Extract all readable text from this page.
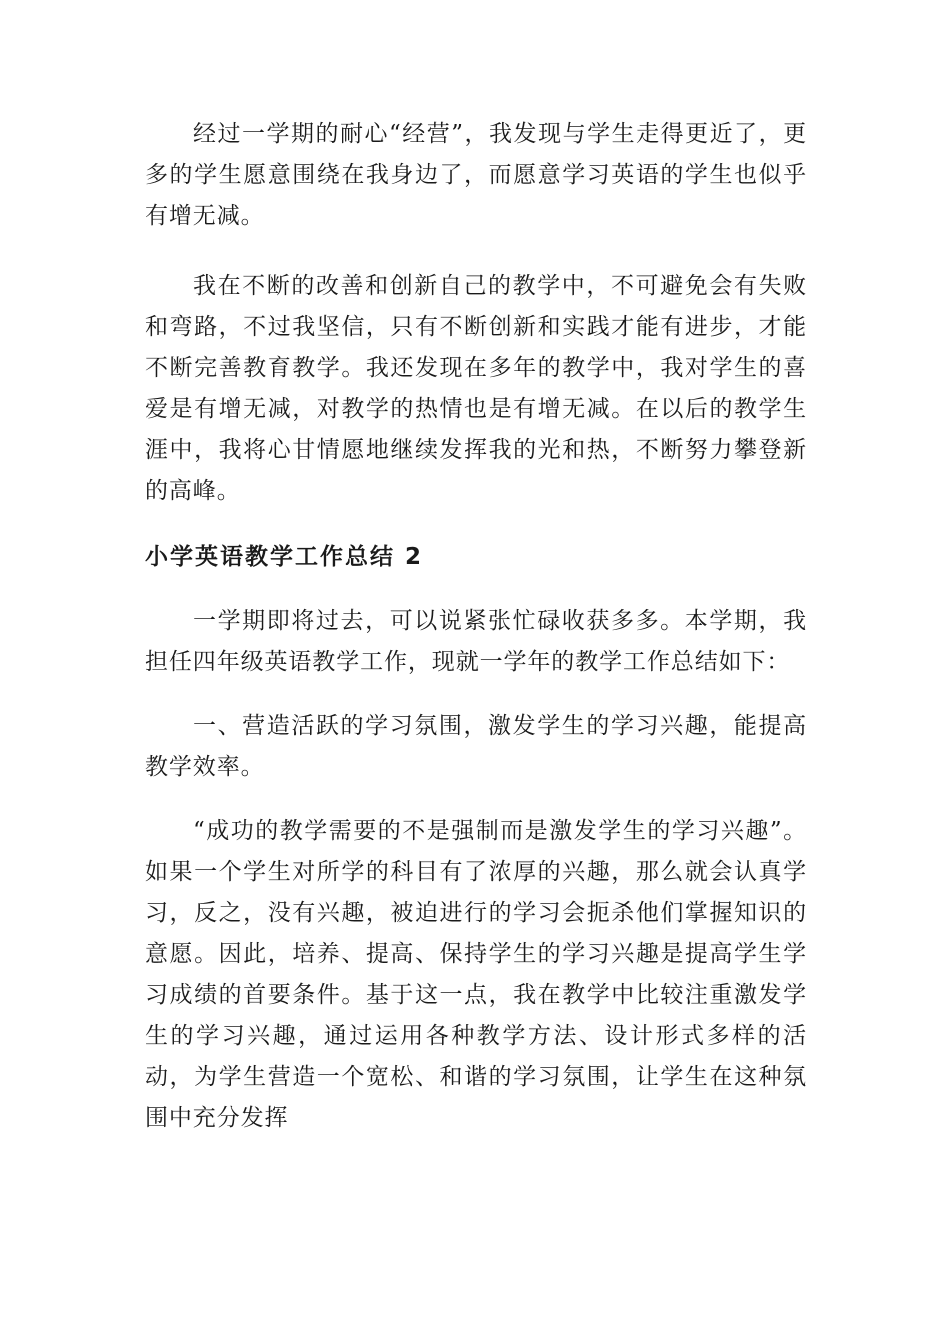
经过一学期的耐心“经营”，我发现与学生走得更近了，更多的学生愿意围绕在我身边了，而愿意学习英语的学生也似乎有增无减。

我在不断的改善和创新自己的教学中，不可避免会有失败和弯路，不过我坚信，只有不断创新和实践才能有进步，才能不断完善教育教学。我还发现在多年的教学中，我对学生的喜爱是有增无减，对教学的热情也是有增无减。在以后的教学生涯中，我将心甘情愿地继续发挥我的光和热，不断努力攀登新的高峰。

小学英语教学工作总结 2

一学期即将过去，可以说紧张忙碌收获多多。本学期，我担任四年级英语教学工作，现就一学年的教学工作总结如下：

一、营造活跃的学习氛围，激发学生的学习兴趣，能提高教学效率。

“成功的教学需要的不是强制而是激发学生的学习兴趣”。如果一个学生对所学的科目有了浓厚的兴趣，那么就会认真学习，反之，没有兴趣，被迫进行的学习会扼杀他们掌握知识的意愿。因此，培养、提高、保持学生的学习兴趣是提高学生学习成绩的首要条件。基于这一点，我在教学中比较注重激发学生的学习兴趣，通过运用各种教学方法、设计形式多样的活动，为学生营造一个宽松、和谐的学习氛围，让学生在这种氛围中充分发挥
